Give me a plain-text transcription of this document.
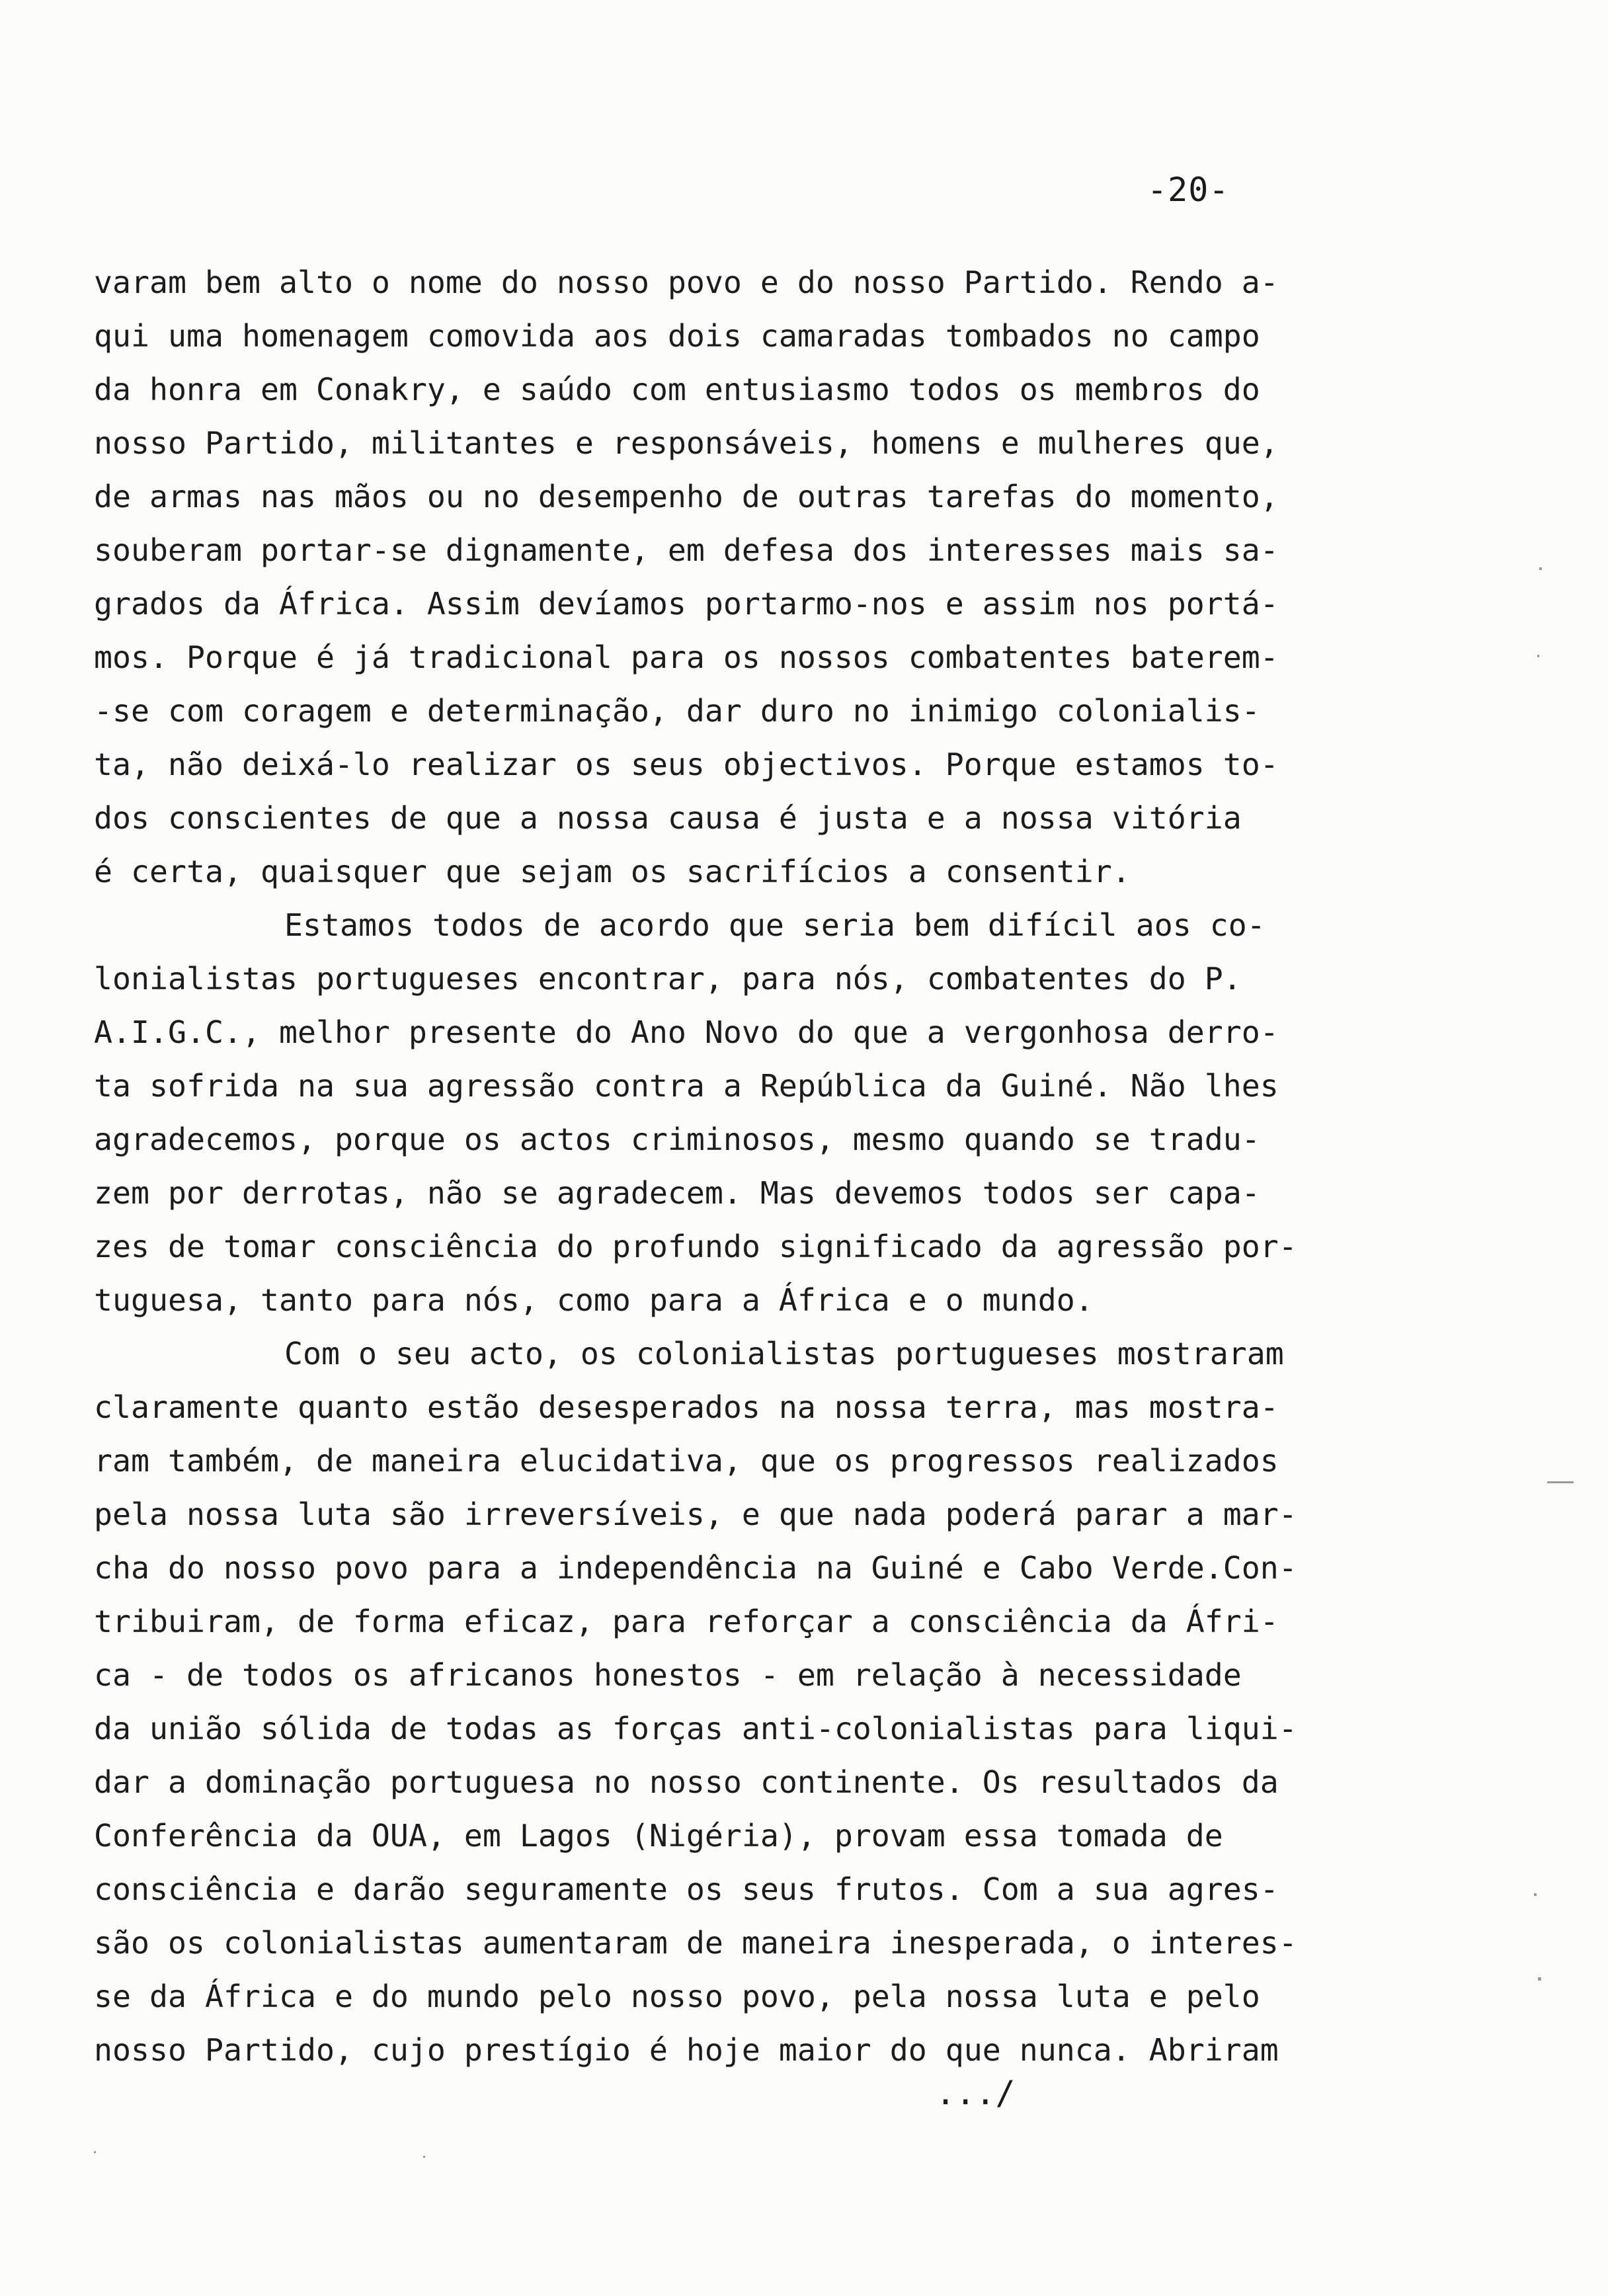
-20-
varam bem alto o nome do nosso povo e do nosso Partido. Rendo a-
qui uma homenagem comovida aos dois camaradas tombados no campo
da honra em Conakry, e saúdo com entusiasmo todos os membros do
nosso Partido, militantes e responsáveis, homens e mulheres que,
de armas nas mãos ou no desempenho de outras tarefas do momento,
souberam portar-se dignamente, em defesa dos interesses mais sa-
grados da África. Assim devíamos portarmo-nos e assim nos portá-
mos. Porque é já tradicional para os nossos combatentes baterem-
-se com coragem e determinação, dar duro no inimigo colonialis-
ta, não deixá-lo realizar os seus objectivos. Porque estamos to-
dos conscientes de que a nossa causa é justa e a nossa vitória
é certa, quaisquer que sejam os sacrifícios a consentir.
Estamos todos de acordo que seria bem difícil aos co-
lonialistas portugueses encontrar, para nós, combatentes do P.
A.I.G.C., melhor presente do Ano Novo do que a vergonhosa derro-
ta sofrida na sua agressão contra a República da Guiné. Não lhes
agradecemos, porque os actos criminosos, mesmo quando se tradu-
zem por derrotas, não se agradecem. Mas devemos todos ser capa-
zes de tomar consciência do profundo significado da agressão por-
tuguesa, tanto para nós, como para a África e o mundo.
Com o seu acto, os colonialistas portugueses mostraram
claramente quanto estão desesperados na nossa terra, mas mostra-
ram também, de maneira elucidativa, que os progressos realizados
pela nossa luta são irreversíveis, e que nada poderá parar a mar-
cha do nosso povo para a independência na Guiné e Cabo Verde.Con-
tribuiram, de forma eficaz, para reforçar a consciência da Áfri-
ca - de todos os africanos honestos - em relação à necessidade
da união sólida de todas as forças anti-colonialistas para liqui-
dar a dominação portuguesa no nosso continente. Os resultados da
Conferência da OUA, em Lagos (Nigéria), provam essa tomada de
consciência e darão seguramente os seus frutos. Com a sua agres-
são os colonialistas aumentaram de maneira inesperada, o interes-
se da África e do mundo pelo nosso povo, pela nossa luta e pelo
nosso Partido, cujo prestígio é hoje maior do que nunca. Abriram
.../
